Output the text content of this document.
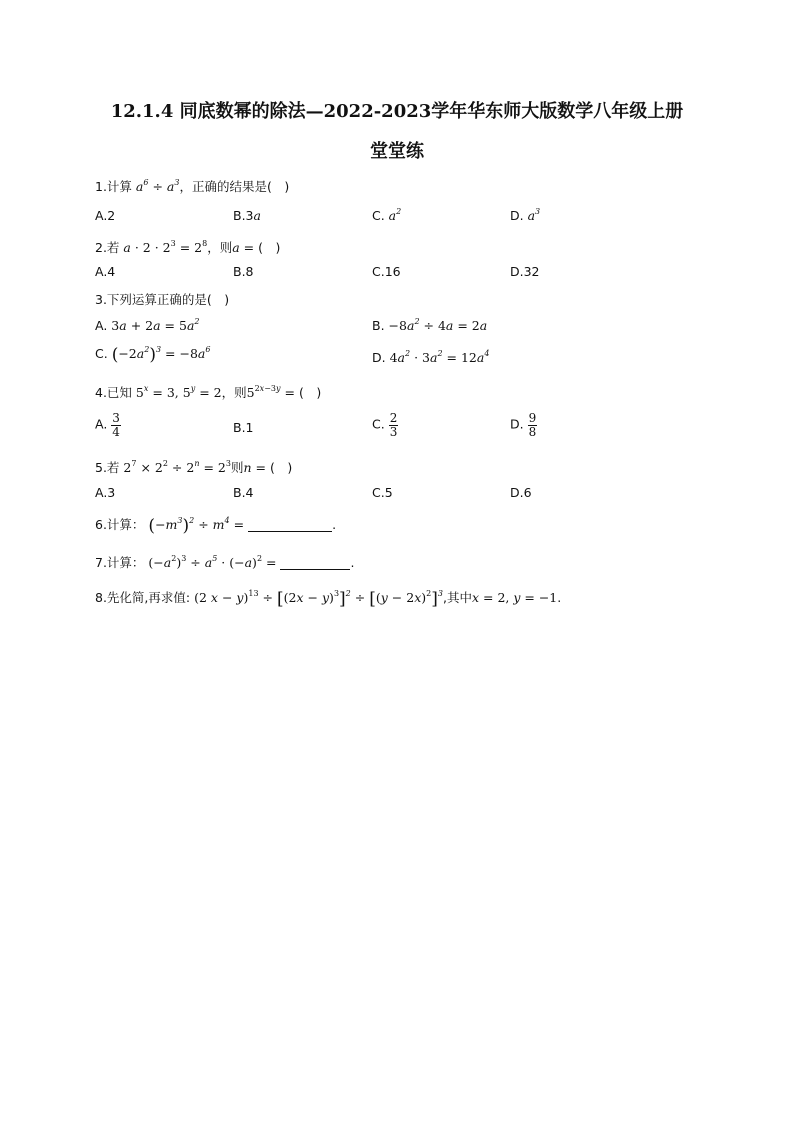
12.1.4 同底数幂的除法—2022-2023学年华东师大版数学八年级上册
堂堂练
1.计算 $a^6 \div a^3$，正确的结果是(　)
A.2	B.3a	C. $a^2$	D. $a^3$
2.若 $a \cdot 2 \cdot 2^3 = 2^8$，则a = (　)
A.4	B.8	C.16	D.32
3.下列运算正确的是(　)
A. $3a + 2a = 5a^2$	B. $-8a^2 \div 4a = 2a$
C. $(-2a^2)^3 = -8a^6$
D. $4a^2 \cdot 3a^2 = 12a^4$
4.已知 $5^x = 3$, $5^y = 2$，则$5^{2x-3y}$ = (　)
A. $\frac{3}{4}$	B.1	C. $\frac{2}{3}$	D. $\frac{9}{8}$
5.若 $2^7 \times 2^2 \div 2^n = 2^3$则n = (　)
A.3	B.4	C.5	D.6
6.计算： $(-m^3)^2 \div m^4$ =	.
7.计算： $(-a^2)^3 \div a^5 \cdot (-a)^2$ =	.
8.先化简,再求值: (2 $x - y)^{13} \div [(2x - y)^3]^2 \div [(y - 2x)^2]^3$,其中x = 2, y = −1.
